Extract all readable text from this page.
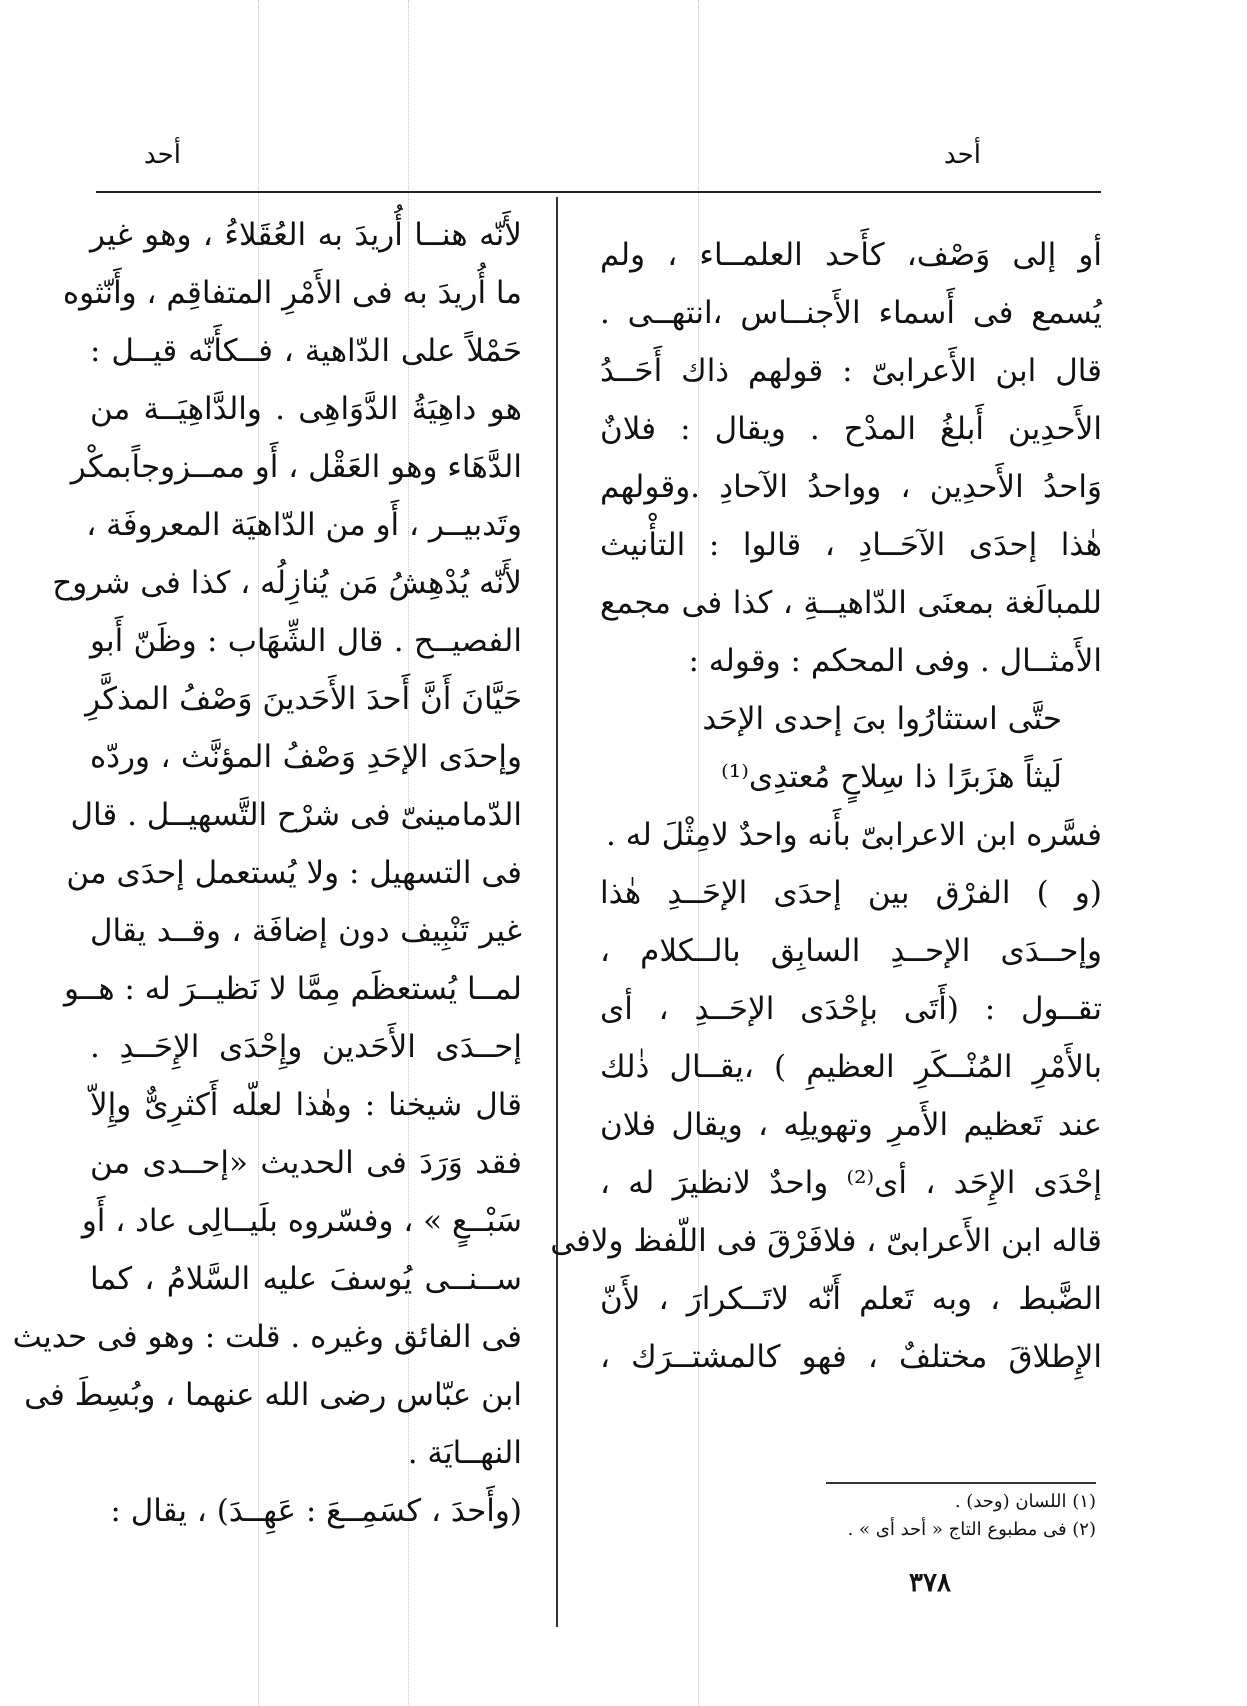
أحد
أحد
أو إلى وَصْف، كأَحد العلمــاء ، ولم
يُسمع فى أَسماء الأَجنــاس ،انتهــى .
قال ابن الأَعرابىّ : قولهم ذاك أَحَــدُ
الأَحدِين أَبلغُ المدْح . ويقال : فلانٌ
وَاحدُ الأَحدِين ، وواحدُ الآحادِ .وقولهم
هٰذا إحدَى الآحَــادِ ، قالوا : التأْنيث
للمبالَغة بمعنَى الدّاهيــةِ ، كذا فى مجمع
الأَمثــال . وفى المحكم : وقوله :
حتَّى استثارُوا بىَ إحدى الإحَد
لَيثاً هزَبرًا ذا سِلاحٍ مُعتدِى⁽¹⁾
فسَّره ابن الاعرابىّ بأَنه واحدٌ لامِثْلَ له .
(و ) الفرْق بين إحدَى الإحَــدِ هٰذا
وإحــدَى الإحــدِ السابِق بالــكلام ،
تقــول : (أَتَى بإحْدَى الإحَــدِ ، أى
بالأَمْرِ المُنْــكَرِ العظيمِ ) ،يقــال ذٰلك
عند تَعظيم الأَمرِ وتهويلِه ، ويقال فلان
إحْدَى الإِحَد ، أى⁽²⁾ واحدٌ لانظيرَ له ،
قاله ابن الأَعرابىّ ، فلافَرْقَ فى اللّفظ ولافى
الضَّبط ، وبه تَعلم أَنّه لاتَــكرارَ ، لأَنّ
الإِطلاقَ مختلفٌ ، فهو كالمشتــرَك ،
لأَنّه هنــا أُريدَ به العُقَلاءُ ، وهو غير
ما أُريدَ به فى الأَمْرِ المتفاقِم ، وأَنّثوه
حَمْلاً على الدّاهية ، فــكأَنّه قيــل :
هو داهِيَةُ الدَّوَاهِى . والدَّاهِيَــة من
الدَّهَاء وهو العَقْل ، أَو ممــزوجاًبمكْر
وتَدبيــر ، أَو من الدّاهيَة المعروفَة ،
لأَنّه يُدْهِشُ مَن يُنازِلُه ، كذا فى شروح
الفصيــح . قال الشِّهَاب : وظَنّ أَبو
حَيَّانَ أَنَّ أَحدَ الأَحَدينَ وَصْفُ المذكَّرِ
وإحدَى الإحَدِ وَصْفُ المؤنَّث ، وردّه
الدّمامينىّ فى شرْح التَّسهيــل . قال
فى التسهيل : ولا يُستعمل إحدَى من
غير تَنْبِيف دون إضافَة ، وقــد يقال
لمــا يُستعظَم مِمَّا لا نَظيــرَ له : هــو
إحــدَى الأَحَدين وإِحْدَى الإِحَــدِ .
قال شيخنا : وهٰذا لعلّه أَكثرِىٌّ وإِلاّ
فقد وَرَدَ فى الحديث «إحــدى من
سَبْــعٍ » ، وفسّروه بلَيــالِى عاد ، أَو
ســنــى يُوسفَ عليه السَّلامُ ، كما
فى الفائق وغيره . قلت : وهو فى حديث
ابن عبّاس رضى الله عنهما ، وبُسِطَ فى
النهــايَة .
(وأَحدَ ، كسَمِــعَ : عَهِــدَ) ، يقال :	(١) اللسان (وحد) .
(٢) فى مطبوع التاج « أحد أى » .
٣٧٨
